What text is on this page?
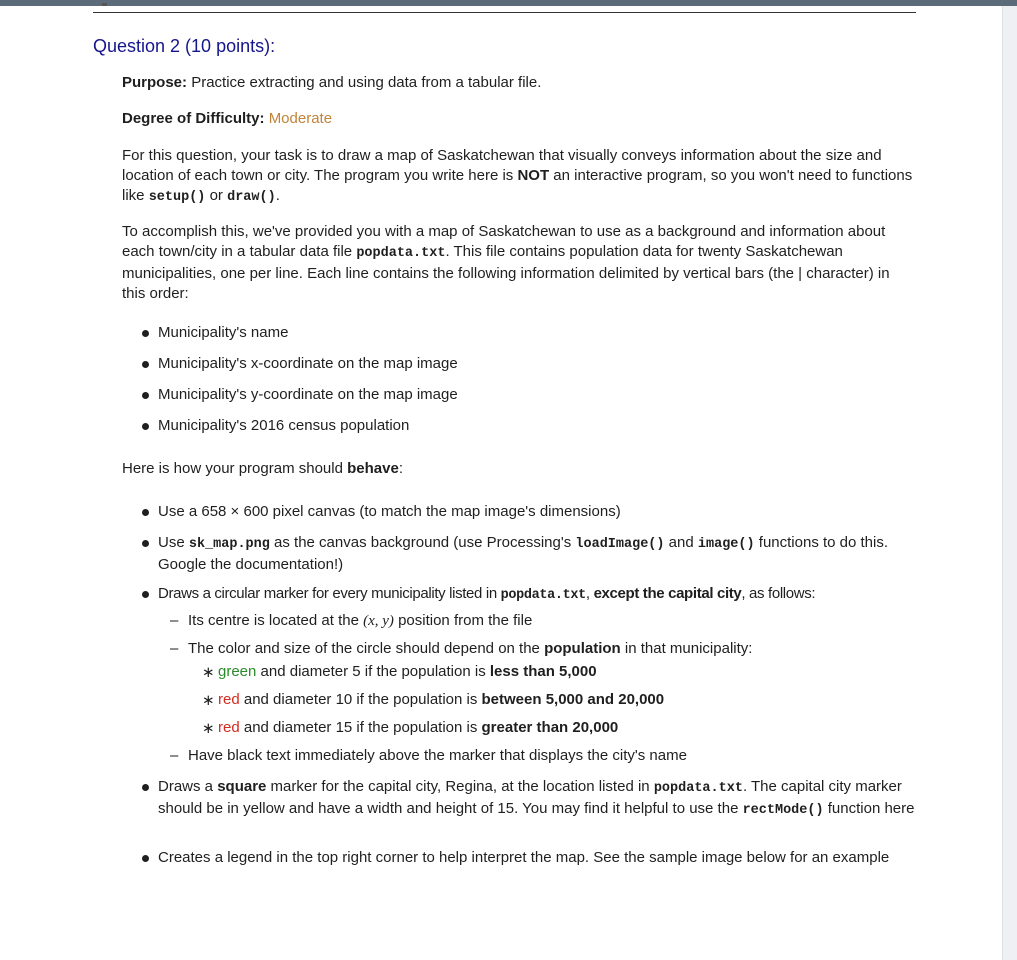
Question 2 (10 points):
Purpose: Practice extracting and using data from a tabular file.
Degree of Difficulty: Moderate
For this question, your task is to draw a map of Saskatchewan that visually conveys information about the size and location of each town or city. The program you write here is NOT an interactive program, so you won't need to functions like setup() or draw().
To accomplish this, we've provided you with a map of Saskatchewan to use as a background and information about each town/city in a tabular data file popdata.txt. This file contains population data for twenty Saskatchewan municipalities, one per line. Each line contains the following information delimited by vertical bars (the | character) in this order:
Municipality's name
Municipality's x-coordinate on the map image
Municipality's y-coordinate on the map image
Municipality's 2016 census population
Here is how your program should behave:
Use a 658 × 600 pixel canvas (to match the map image's dimensions)
Use sk_map.png as the canvas background (use Processing's loadImage() and image() functions to do this. Google the documentation!)
Draws a circular marker for every municipality listed in popdata.txt, except the capital city, as follows:
Draws a square marker for the capital city, Regina, at the location listed in popdata.txt. The capital city marker should be in yellow and have a width and height of 15. You may find it helpful to use the rectMode() function here
Creates a legend in the top right corner to help interpret the map. See the sample image below for an example
– Its centre is located at the (x, y) position from the file
– The color and size of the circle should depend on the population in that municipality:
∗ green and diameter 5 if the population is less than 5,000
∗ red and diameter 10 if the population is between 5,000 and 20,000
∗ red and diameter 15 if the population is greater than 20,000
– Have black text immediately above the marker that displays the city's name
